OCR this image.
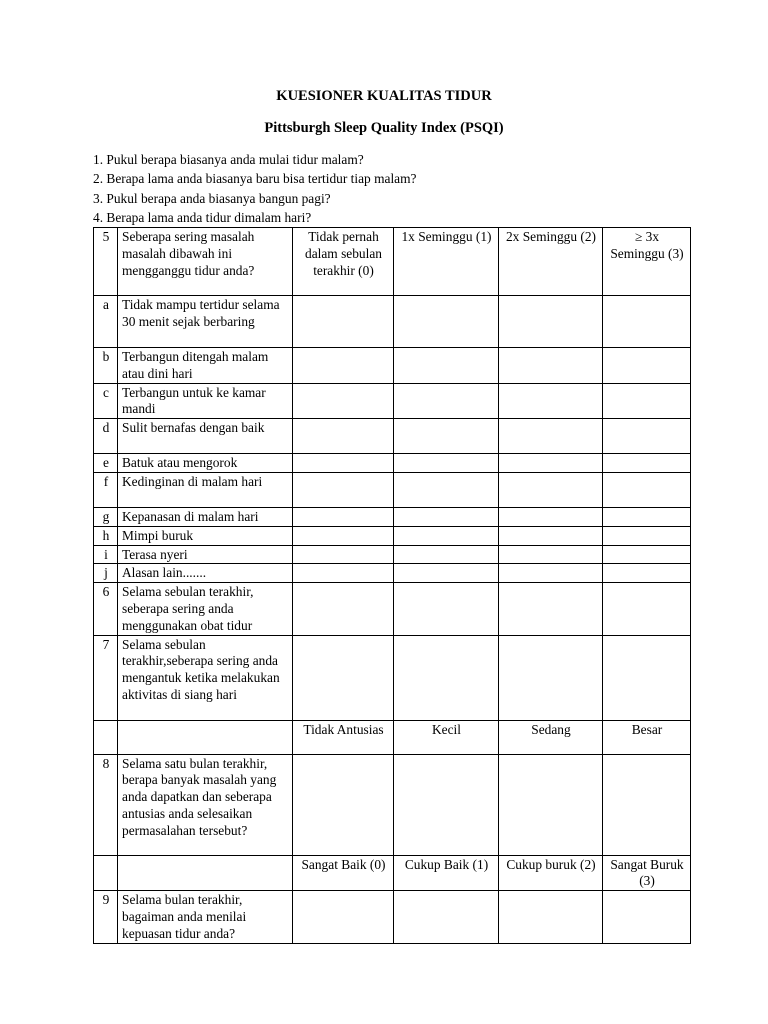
KUESIONER KUALITAS TIDUR
Pittsburgh Sleep Quality Index (PSQI)
1. Pukul berapa biasanya anda mulai tidur malam?
2. Berapa lama anda biasanya baru bisa tertidur tiap malam?
3. Pukul berapa anda biasanya bangun pagi?
4. Berapa lama anda tidur dimalam hari?
5	Seberapa sering masalah masalah dibawah ini mengganggu tidur anda?	Tidak pernah dalam sebulan terakhir (0)	1x Seminggu (1)	2x Seminggu (2)	≥ 3x Seminggu (3)
a	Tidak mampu tertidur selama 30 menit sejak berbaring				
b	Terbangun ditengah malam atau dini hari				
c	Terbangun untuk ke kamar mandi				
d	Sulit bernafas dengan baik				
e	Batuk atau mengorok				
f	Kedinginan di malam hari				
g	Kepanasan di malam hari				
h	Mimpi buruk				
i	Terasa nyeri				
j	Alasan lain.......				
6	Selama sebulan terakhir, seberapa sering anda menggunakan obat tidur				
7	Selama sebulan terakhir,seberapa sering anda mengantuk ketika melakukan aktivitas di siang hari				
		Tidak Antusias	Kecil	Sedang	Besar
8	Selama satu bulan terakhir, berapa banyak masalah yang anda dapatkan dan seberapa antusias anda selesaikan permasalahan tersebut?				
		Sangat Baik (0)	Cukup Baik (1)	Cukup buruk (2)	Sangat Buruk (3)
9	Selama bulan terakhir, bagaiman anda menilai kepuasan tidur anda?				
